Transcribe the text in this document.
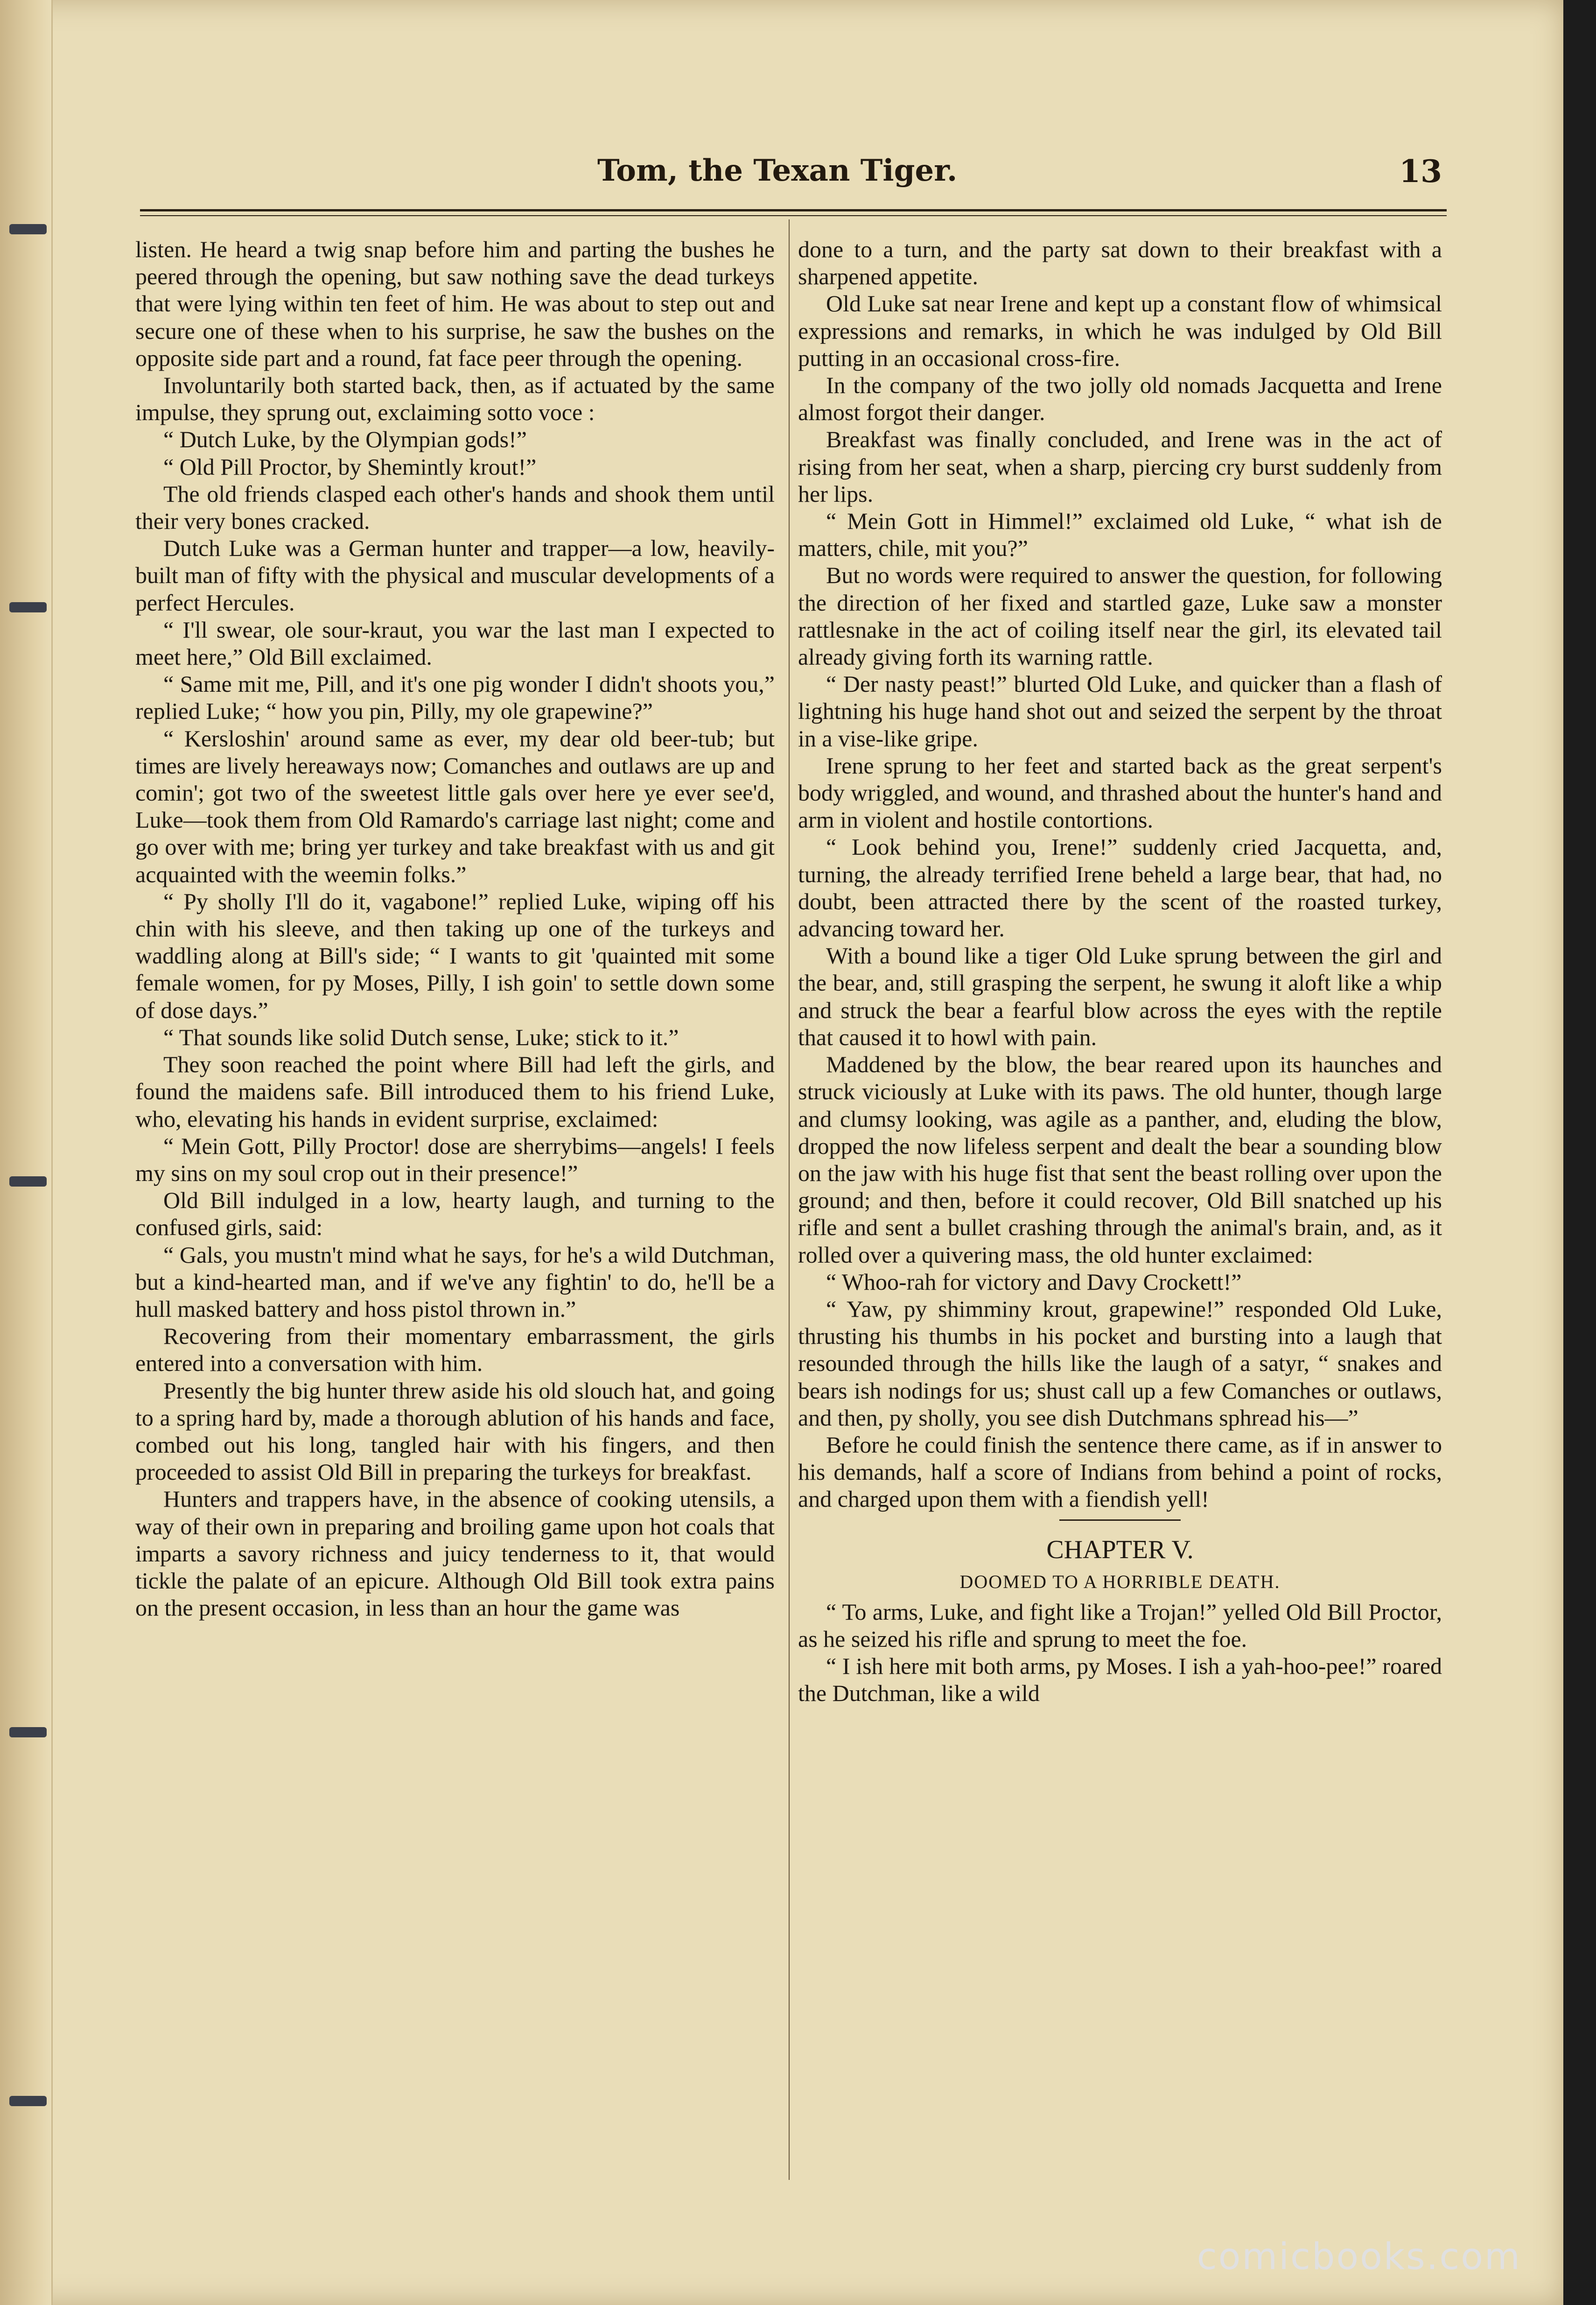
Tom, the Texan Tiger.	13

listen. He heard a twig snap before him and parting the bushes he peered through the opening, but saw nothing save the dead turkeys that were lying within ten feet of him. He was about to step out and secure one of these when to his surprise, he saw the bushes on the opposite side part and a round, fat face peer through the opening.

Involuntarily both started back, then, as if actuated by the same impulse, they sprung out, exclaiming sotto voce :

“ Dutch Luke, by the Olympian gods!”

“ Old Pill Proctor, by Shemintly krout!”

The old friends clasped each other's hands and shook them until their very bones cracked.

Dutch Luke was a German hunter and trapper—a low, heavily-built man of fifty with the physical and muscular developments of a perfect Hercules.

“ I'll swear, ole sour-kraut, you war the last man I expected to meet here,” Old Bill exclaimed.

“ Same mit me, Pill, and it's one pig wonder I didn't shoots you,” replied Luke; “ how you pin, Pilly, my ole grapewine?”

“ Kersloshin' around same as ever, my dear old beer-tub; but times are lively hereaways now; Comanches and outlaws are up and comin'; got two of the sweetest little gals over here ye ever see'd, Luke—took them from Old Ramardo's carriage last night; come and go over with me; bring yer turkey and take breakfast with us and git acquainted with the weemin folks.”

“ Py sholly I'll do it, vagabone!” replied Luke, wiping off his chin with his sleeve, and then taking up one of the turkeys and waddling along at Bill's side; “ I wants to git 'quainted mit some female women, for py Moses, Pilly, I ish goin' to settle down some of dose days.”

“ That sounds like solid Dutch sense, Luke; stick to it.”

They soon reached the point where Bill had left the girls, and found the maidens safe. Bill introduced them to his friend Luke, who, elevating his hands in evident surprise, exclaimed:

“ Mein Gott, Pilly Proctor! dose are sherrybims—angels! I feels my sins on my soul crop out in their presence!”

Old Bill indulged in a low, hearty laugh, and turning to the confused girls, said:

“ Gals, you mustn't mind what he says, for he's a wild Dutchman, but a kind-hearted man, and if we've any fightin' to do, he'll be a hull masked battery and hoss pistol thrown in.”

Recovering from their momentary embarrassment, the girls entered into a conversation with him.

Presently the big hunter threw aside his old slouch hat, and going to a spring hard by, made a thorough ablution of his hands and face, combed out his long, tangled hair with his fingers, and then proceeded to assist Old Bill in preparing the turkeys for breakfast.

Hunters and trappers have, in the absence of cooking utensils, a way of their own in preparing and broiling game upon hot coals that imparts a savory richness and juicy tenderness to it, that would tickle the palate of an epicure. Although Old Bill took extra pains on the present occasion, in less than an hour the game was

done to a turn, and the party sat down to their breakfast with a sharpened appetite.

Old Luke sat near Irene and kept up a constant flow of whimsical expressions and remarks, in which he was indulged by Old Bill putting in an occasional cross-fire.

In the company of the two jolly old nomads Jacquetta and Irene almost forgot their danger.

Breakfast was finally concluded, and Irene was in the act of rising from her seat, when a sharp, piercing cry burst suddenly from her lips.

“ Mein Gott in Himmel!” exclaimed old Luke, “ what ish de matters, chile, mit you?”

But no words were required to answer the question, for following the direction of her fixed and startled gaze, Luke saw a monster rattlesnake in the act of coiling itself near the girl, its elevated tail already giving forth its warning rattle.

“ Der nasty peast!” blurted Old Luke, and quicker than a flash of lightning his huge hand shot out and seized the serpent by the throat in a vise-like gripe.

Irene sprung to her feet and started back as the great serpent's body wriggled, and wound, and thrashed about the hunter's hand and arm in violent and hostile contortions.

“ Look behind you, Irene!” suddenly cried Jacquetta, and, turning, the already terrified Irene beheld a large bear, that had, no doubt, been attracted there by the scent of the roasted turkey, advancing toward her.

With a bound like a tiger Old Luke sprung between the girl and the bear, and, still grasping the serpent, he swung it aloft like a whip and struck the bear a fearful blow across the eyes with the reptile that caused it to howl with pain.

Maddened by the blow, the bear reared upon its haunches and struck viciously at Luke with its paws. The old hunter, though large and clumsy looking, was agile as a panther, and, eluding the blow, dropped the now lifeless serpent and dealt the bear a sounding blow on the jaw with his huge fist that sent the beast rolling over upon the ground; and then, before it could recover, Old Bill snatched up his rifle and sent a bullet crashing through the animal's brain, and, as it rolled over a quivering mass, the old hunter exclaimed:

“ Whoo-rah for victory and Davy Crockett!”

“ Yaw, py shimminy krout, grapewine!” responded Old Luke, thrusting his thumbs in his pocket and bursting into a laugh that resounded through the hills like the laugh of a satyr, “ snakes and bears ish nodings for us; shust call up a few Comanches or outlaws, and then, py sholly, you see dish Dutchmans sphread his—”

Before he could finish the sentence there came, as if in answer to his demands, half a score of Indians from behind a point of rocks, and charged upon them with a fiendish yell!

CHAPTER V.
DOOMED TO A HORRIBLE DEATH.

“ To arms, Luke, and fight like a Trojan!” yelled Old Bill Proctor, as he seized his rifle and sprung to meet the foe.

“ I ish here mit both arms, py Moses. I ish a yah-hoo-pee!” roared the Dutchman, like a wild

comicbooks.com
